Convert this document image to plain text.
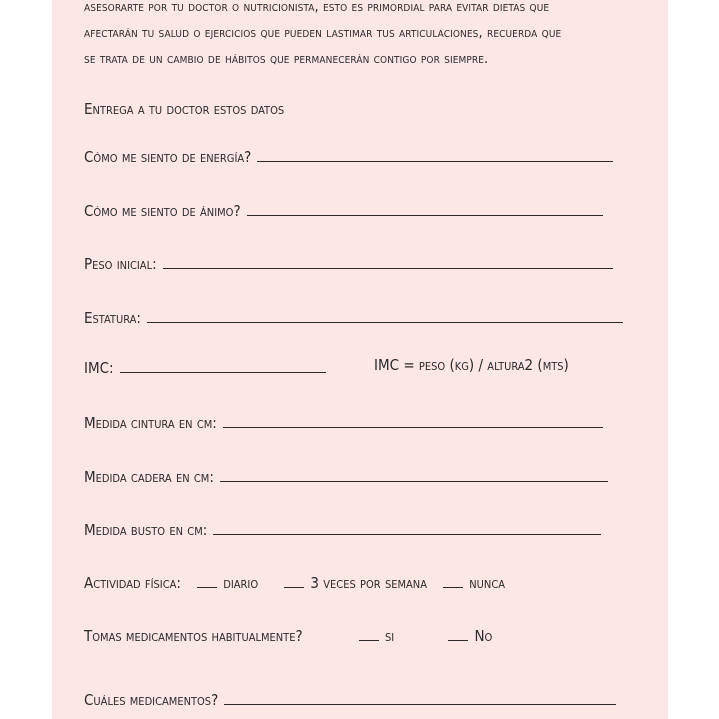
asesorarte por tu doctor o nutricionista, esto es primordial para evitar dietas que
afectarán tu salud o ejercicios que pueden lastimar tus articulaciones, recuerda que
se trata de un cambio de hábitos que permanecerán contigo por siempre.
Entrega a tu doctor estos datos
Cómo me siento de energía?
Cómo me siento de ánimo?
Peso inicial:
Estatura:
IMC:	IMC = peso (kg) / altura2 (mts)
Medida cintura en cm:
Medida cadera en cm:
Medida busto en cm:
Actividad física:	diario	3 veces por semana	nunca
Tomas medicamentos habitualmente?	si	No
Cuáles medicamentos?
